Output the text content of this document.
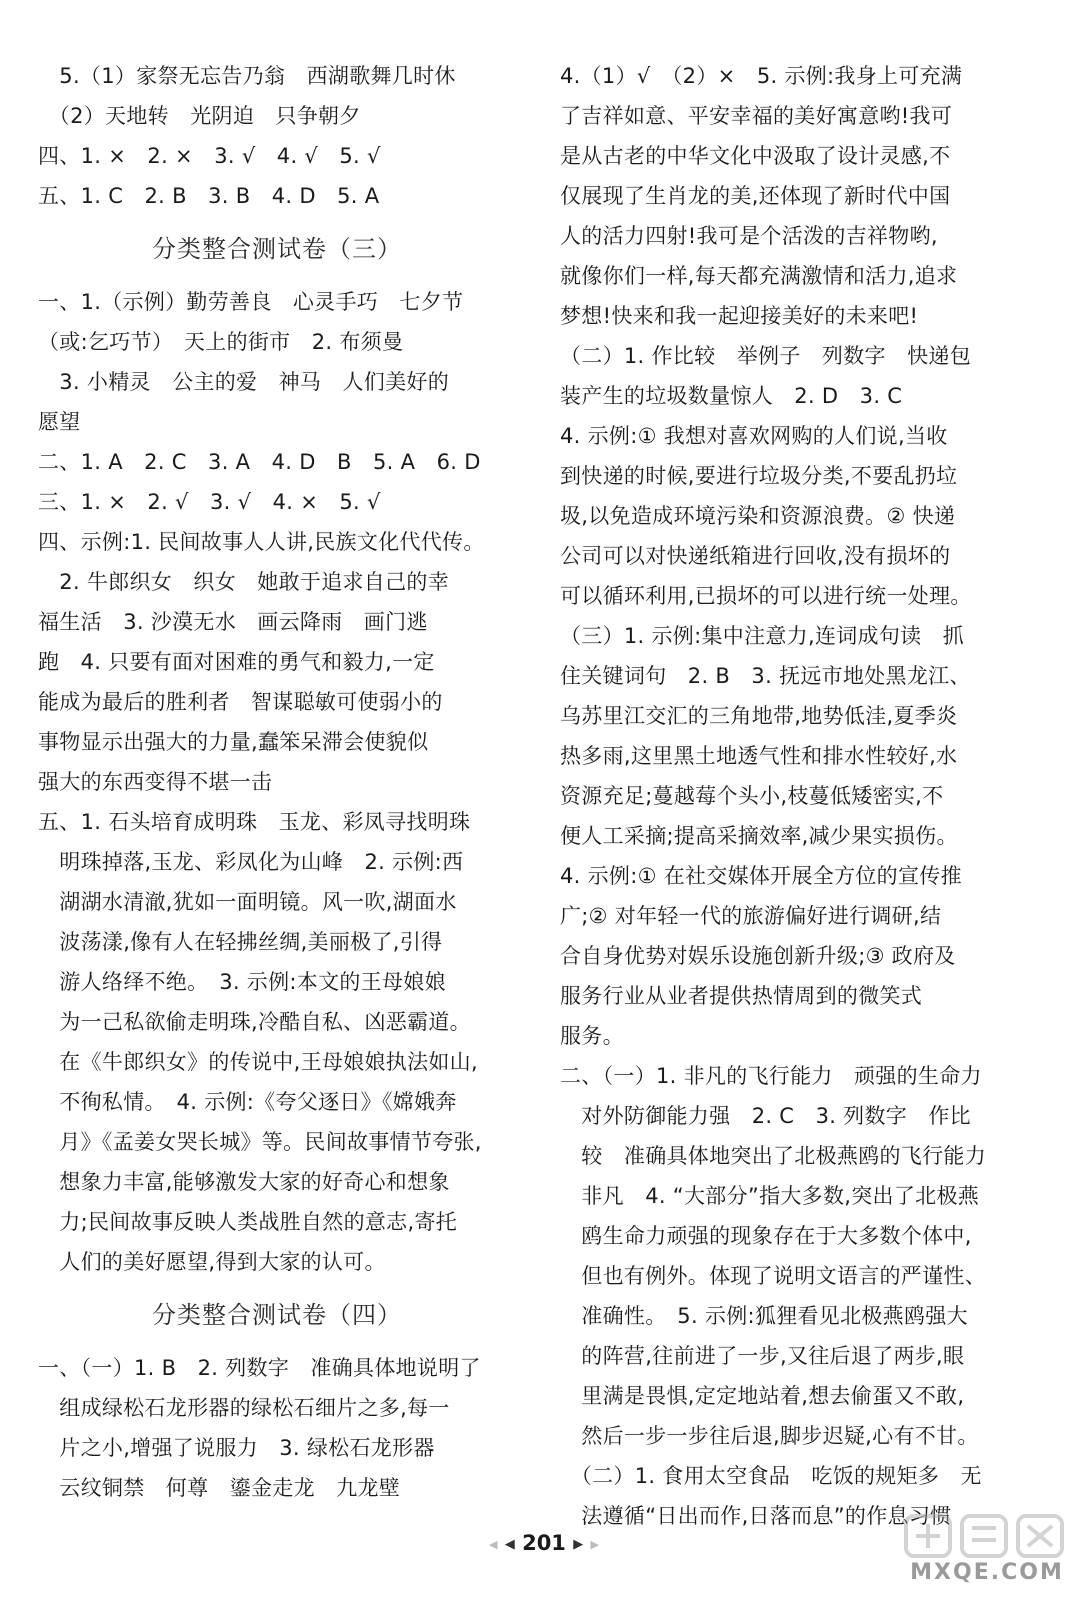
　5.（1）家祭无忘告乃翁　西湖歌舞几时休
　（2）天地转　光阴迫　只争朝夕
四、1. ×　2. ×　3. √　4. √　5. √
五、1. C　2. B　3. B　4. D　5. A
分类整合测试卷（三）
一、1.（示例）勤劳善良　心灵手巧　七夕节
（或:乞巧节）　天上的街市　2. 布须曼
　3. 小精灵　公主的爱　神马　人们美好的
愿望
二、1. A　2. C　3. A　4. D　B　5. A　6. D
三、1. ×　2. √　3. √　4. ×　5. √
四、示例:1. 民间故事人人讲,民族文化代代传。
　2. 牛郎织女　织女　她敢于追求自己的幸
福生活　3. 沙漠无水　画云降雨　画门逃
跑　4. 只要有面对困难的勇气和毅力,一定
能成为最后的胜利者　智谋聪敏可使弱小的
事物显示出强大的力量,蠢笨呆滞会使貌似
强大的东西变得不堪一击
五、1. 石头培育成明珠　玉龙、彩凤寻找明珠
　明珠掉落,玉龙、彩凤化为山峰　2. 示例:西
　湖湖水清澈,犹如一面明镜。风一吹,湖面水
　波荡漾,像有人在轻拂丝绸,美丽极了,引得
　游人络绎不绝。　3. 示例:本文的王母娘娘
　为一己私欲偷走明珠,冷酷自私、凶恶霸道。
　在《牛郎织女》的传说中,王母娘娘执法如山,
　不徇私情。　4. 示例:《夸父逐日》《嫦娥奔
　月》《孟姜女哭长城》等。民间故事情节夸张,
　想象力丰富,能够激发大家的好奇心和想象
　力;民间故事反映人类战胜自然的意志,寄托
　人们的美好愿望,得到大家的认可。
分类整合测试卷（四）
一、（一）1. B　2. 列数字　准确具体地说明了
　组成绿松石龙形器的绿松石细片之多,每一
　片之小,增强了说服力　3. 绿松石龙形器
　云纹铜禁　何尊　鎏金走龙　九龙壁
4.（1）√　（2）×　5. 示例:我身上可充满
了吉祥如意、平安幸福的美好寓意哟!我可
是从古老的中华文化中汲取了设计灵感,不
仅展现了生肖龙的美,还体现了新时代中国
人的活力四射!我可是个活泼的吉祥物哟,
就像你们一样,每天都充满激情和活力,追求
梦想!快来和我一起迎接美好的未来吧!
（二）1. 作比较　举例子　列数字　快递包
装产生的垃圾数量惊人　2. D　3. C
4. 示例:① 我想对喜欢网购的人们说,当收
到快递的时候,要进行垃圾分类,不要乱扔垃
圾,以免造成环境污染和资源浪费。② 快递
公司可以对快递纸箱进行回收,没有损坏的
可以循环利用,已损坏的可以进行统一处理。
（三）1. 示例:集中注意力,连词成句读　抓
住关键词句　2. B　3. 抚远市地处黑龙江、
乌苏里江交汇的三角地带,地势低洼,夏季炎
热多雨,这里黑土地透气性和排水性较好,水
资源充足;蔓越莓个头小,枝蔓低矮密实,不
便人工采摘;提高采摘效率,减少果实损伤。
4. 示例:① 在社交媒体开展全方位的宣传推
广;② 对年轻一代的旅游偏好进行调研,结
合自身优势对娱乐设施创新升级;③ 政府及
服务行业从业者提供热情周到的微笑式
服务。
二、（一）1. 非凡的飞行能力　顽强的生命力
　对外防御能力强　2. C　3. 列数字　作比
　较　准确具体地突出了北极燕鸥的飞行能力
　非凡　4. “大部分”指大多数,突出了北极燕
　鸥生命力顽强的现象存在于大多数个体中,
　但也有例外。体现了说明文语言的严谨性、
　准确性。　5. 示例:狐狸看见北极燕鸥强大
　的阵营,往前进了一步,又往后退了两步,眼
　里满是畏惧,定定地站着,想去偷蛋又不敢,
　然后一步一步往后退,脚步迟疑,心有不甘。
　（二）1. 食用太空食品　吃饭的规矩多　无
　法遵循“日出而作,日落而息”的作息习惯
◀ ◀ 201 ▶ ▶
MXQE.COM
